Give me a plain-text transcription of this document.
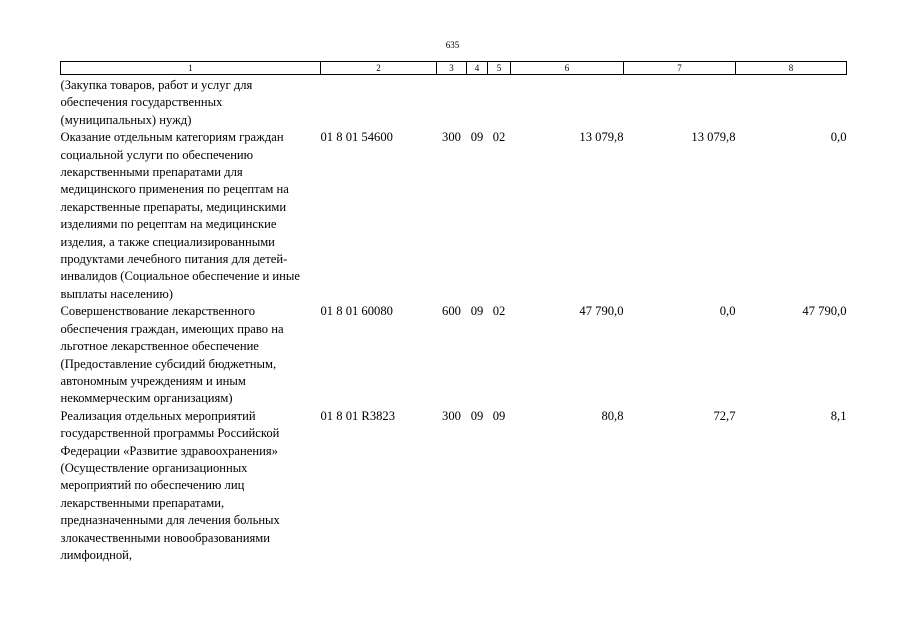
635
1	2	3	4	5	6	7	8
(Закупка товаров, работ и услуг для обеспечения государственных (муниципальных) нужд)							
Оказание отдельным категориям граждан социальной услуги по обеспечению лекарственными препаратами для медицинского применения по рецептам на лекарственные препараты, медицинскими изделиями по рецептам на медицинские изделия, а также специализированными продуктами лечебного питания для детей-инвалидов (Социальное обеспечение и иные выплаты населению)	01 8 01 54600	300	09	02	13 079,8	13 079,8	0,0
Совершенствование лекарственного обеспечения граждан, имеющих право на льготное лекарственное обеспечение (Предоставление субсидий бюджетным, автономным учреждениям и иным некоммерческим организациям)	01 8 01 60080	600	09	02	47 790,0	0,0	47 790,0
Реализация отдельных мероприятий государственной программы Российской Федерации «Развитие здравоохранения» (Осуществление организационных мероприятий по обеспечению лиц лекарственными препаратами, предназначенными для лечения больных злокачественными новообразованиями лимфоидной,	01 8 01 R3823	300	09	09	80,8	72,7	8,1
